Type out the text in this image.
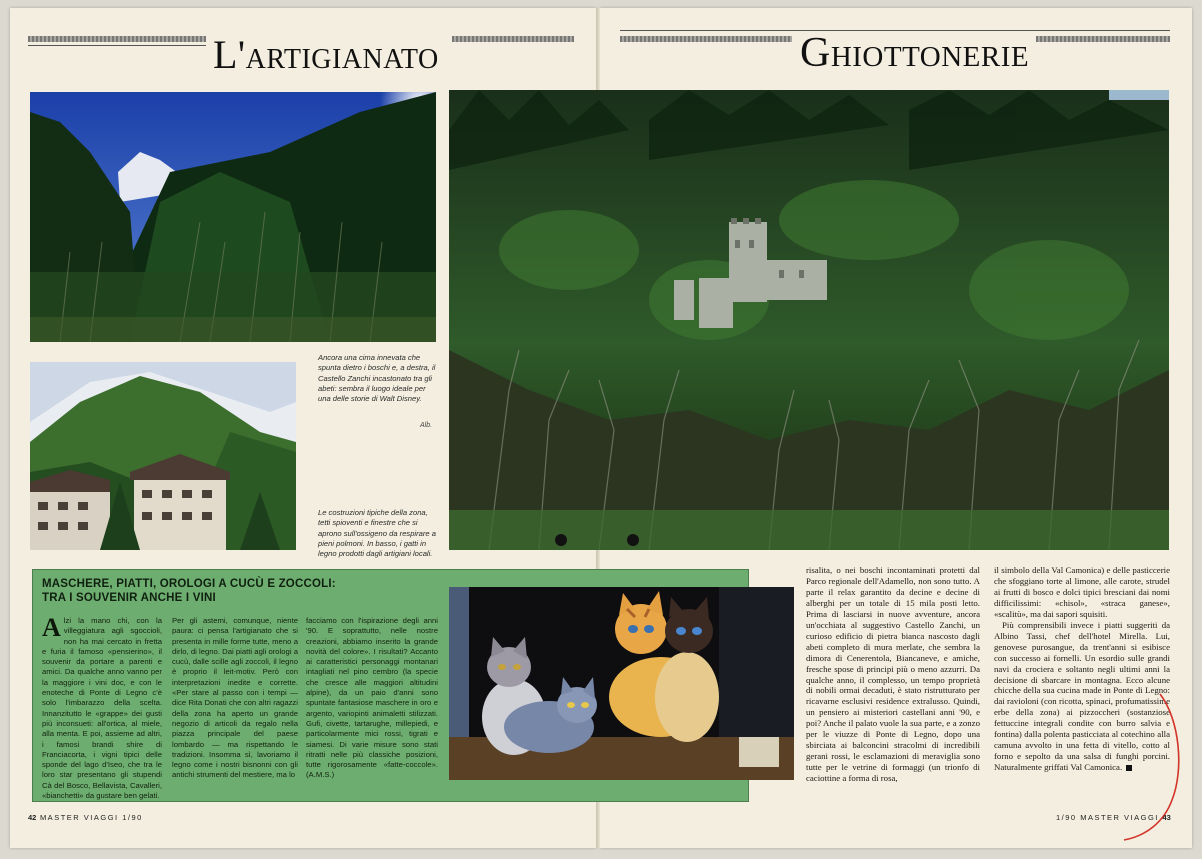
L'artigianato	Ghiottonerie
Ancora una cima innevata che spunta dietro i boschi e, a destra, il Castello Zanchi incastonato tra gli abeti: sembra il luogo ideale per una delle storie di Walt Disney.
Alb.
Le costruzioni tipiche della zona, tetti spioventi e finestre che si aprono sull'ossigeno da respirare a pieni polmoni. In basso, i gatti in legno prodotti dagli artigiani locali.
MASCHERE, PIATTI, OROLOGI A CUCÙ E ZOCCOLI:
TRA I SOUVENIR ANCHE I VINI
Alzi la mano chi, con la villeggiatura agli sgoccioli, non ha mai cercato in fretta e furia il famoso «pensierino», il souvenir da portare a parenti e amici. Da qualche anno vanno per la maggiore i vini doc, e con le enoteche di Ponte di Legno c'è solo l'imbarazzo della scelta. Innanzitutto le «grappe» dei gusti più inconsueti: all'ortica, al miele, alla menta. E poi, assieme ad altri, i famosi brandi shire di Franciacorta, i vigni tipici delle sponde del lago d'Iseo, che tra le loro star presentano gli stupendi Cà del Bosco, Bellavista, Cavalleri, «bianchetti» da gustare ben gelati.
Per gli astemi, comunque, niente paura: ci pensa l'artigianato che si presenta in mille forme tutte, meno a dirlo, di legno. Dai piatti agli orologi a cucù, dalle scille agli zoccoli, il legno è proprio il leit-motiv. Però con interpretazioni inedite e corrette. «Per stare al passo con i tempi — dice Rita Donati che con altri ragazzi della zona ha aperto un grande negozio di articoli da regalo nella piazza principale del paese lombardo — ma rispettando le tradizioni. Insomma sì, lavoriamo il legno come i nostri bisnonni con gli antichi strumenti del mestiere, ma lo
facciamo con l'ispirazione degli anni '90. E soprattutto, nelle nostre creazioni, abbiamo inserito la grande novità del colore». I risultati? Accanto ai caratteristici personaggi montanari intagliati nel pino cembro (la specie che cresce alle maggiori altitudini alpine), da un paio d'anni sono spuntate fantasiose maschere in oro e argento, variopinti animaletti stilizzati. Gufi, civette, tartarughe, millepiedi, e particolarmente mici rossi, tigrati e siamesi. Di varie misure sono stati ritratti nelle più classiche posizioni, tutte rigorosamente «fatte-coccole». (A.M.S.)

risalita, o nei boschi incontaminati protetti dal Parco regionale dell'Adamello, non sono tutto. A parte il relax garantito da decine e decine di alberghi per un totale di 15 mila posti letto. Prima di lasciarsi in nuove avventure, ancora un'occhiata al suggestivo Castello Zanchi, un curioso edificio di pietra bianca nascosto dagli abeti completo di mura merlate, che sembra la dimora di Cenerentola, Biancaneve, e amiche, fresche spose di principi più o meno azzurri. Da qualche anno, il complesso, un tempo proprietà di nobili ormai decaduti, è stato ristrutturato per ricavarne esclusivi residence extralusso. Quindi, un pensiero ai misteriori castellani anni '90, e poi? Anche il palato vuole la sua parte, e a zonzo per le viuzze di Ponte di Legno, dopo una sbirciata ai balconcini stracolmi di incredibili gerani rossi, le esclamazioni di meraviglia sono tutte per le vetrine di formaggi (un trionfo di caciottine a forma di rosa,

il simbolo della Val Camonica) e delle pasticcerie che sfoggiano torte al limone, alle carote, strudel ai frutti di bosco e dolci tipici bresciani dai nomi difficilissimi: «chisol», «straca ganese», «scalitù», ma dai sapori squisiti.

Più comprensibili invece i piatti suggeriti da Albino Tassi, chef dell'hotel Mirella. Lui, genovese purosangue, da trent'anni si esibisce con successo ai fornelli. Un esordio sulle grandi navi da crociera e soltanto negli ultimi anni la decisione di sbarcare in montagna. Ecco alcune chicche della sua cucina made in Ponte di Legno: dai ravioloni (con ricotta, spinaci, profumatissime erbe della zona) ai pizzoccheri (sostanziose fettuccine integrali condite con burro salvia e fontina) dalla polenta pasticciata al cotechino alla camuna avvolto in una fetta di vitello, cotto al forno e sepolto da una salsa di funghi porcini. Naturalmente griffati Val Camonica.

42 MASTER VIAGGI 1/90	1/90 MASTER VIAGGI 43
